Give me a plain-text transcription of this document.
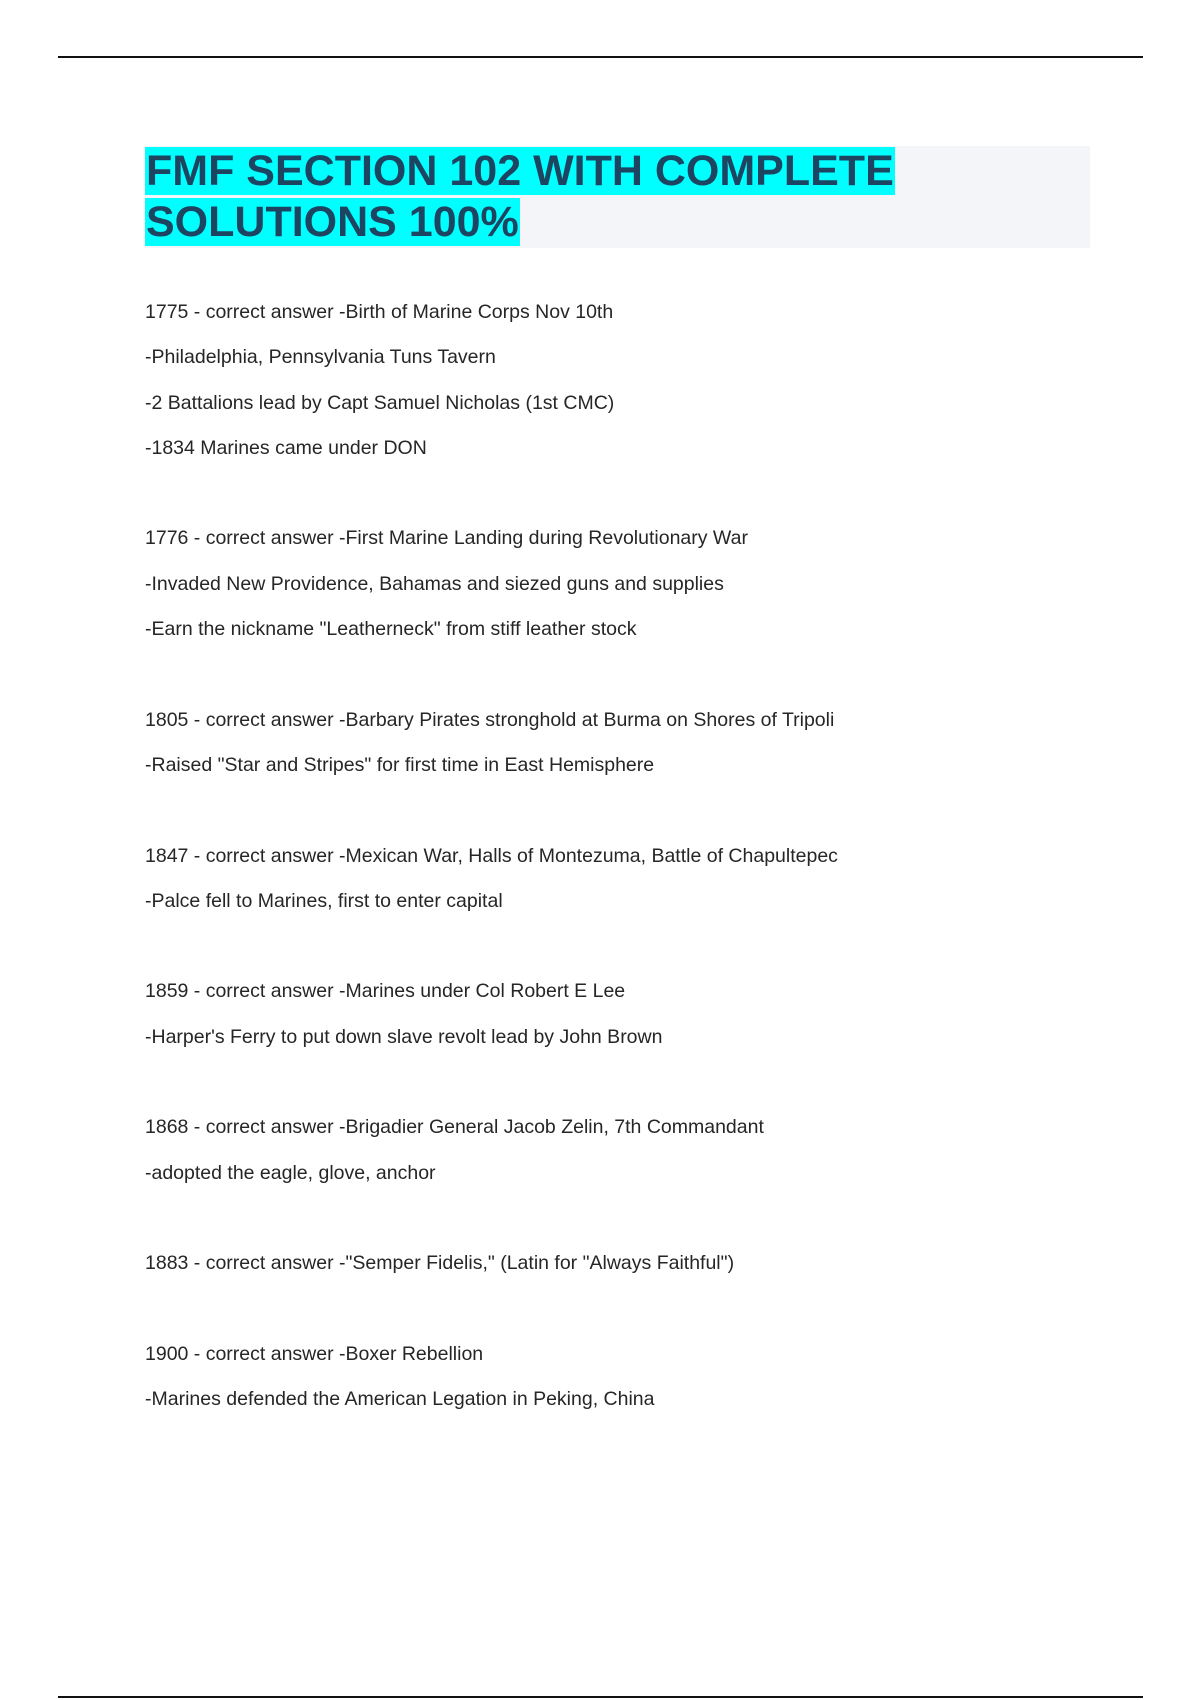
FMF SECTION 102 WITH COMPLETE
SOLUTIONS 100%

1775 - correct answer -Birth of Marine Corps Nov 10th

-Philadelphia, Pennsylvania Tuns Tavern

-2 Battalions lead by Capt Samuel Nicholas (1st CMC)

-1834 Marines came under DON

1776 - correct answer -First Marine Landing during Revolutionary War

-Invaded New Providence, Bahamas and siezed guns and supplies

-Earn the nickname "Leatherneck" from stiff leather stock

1805 - correct answer -Barbary Pirates stronghold at Burma on Shores of Tripoli

-Raised "Star and Stripes" for first time in East Hemisphere

1847 - correct answer -Mexican War, Halls of Montezuma, Battle of Chapultepec

-Palce fell to Marines, first to enter capital

1859 - correct answer -Marines under Col Robert E Lee

-Harper's Ferry to put down slave revolt lead by John Brown

1868 - correct answer -Brigadier General Jacob Zelin, 7th Commandant

-adopted the eagle, glove, anchor

1883 - correct answer -"Semper Fidelis," (Latin for "Always Faithful")

1900 - correct answer -Boxer Rebellion

-Marines defended the American Legation in Peking, China
